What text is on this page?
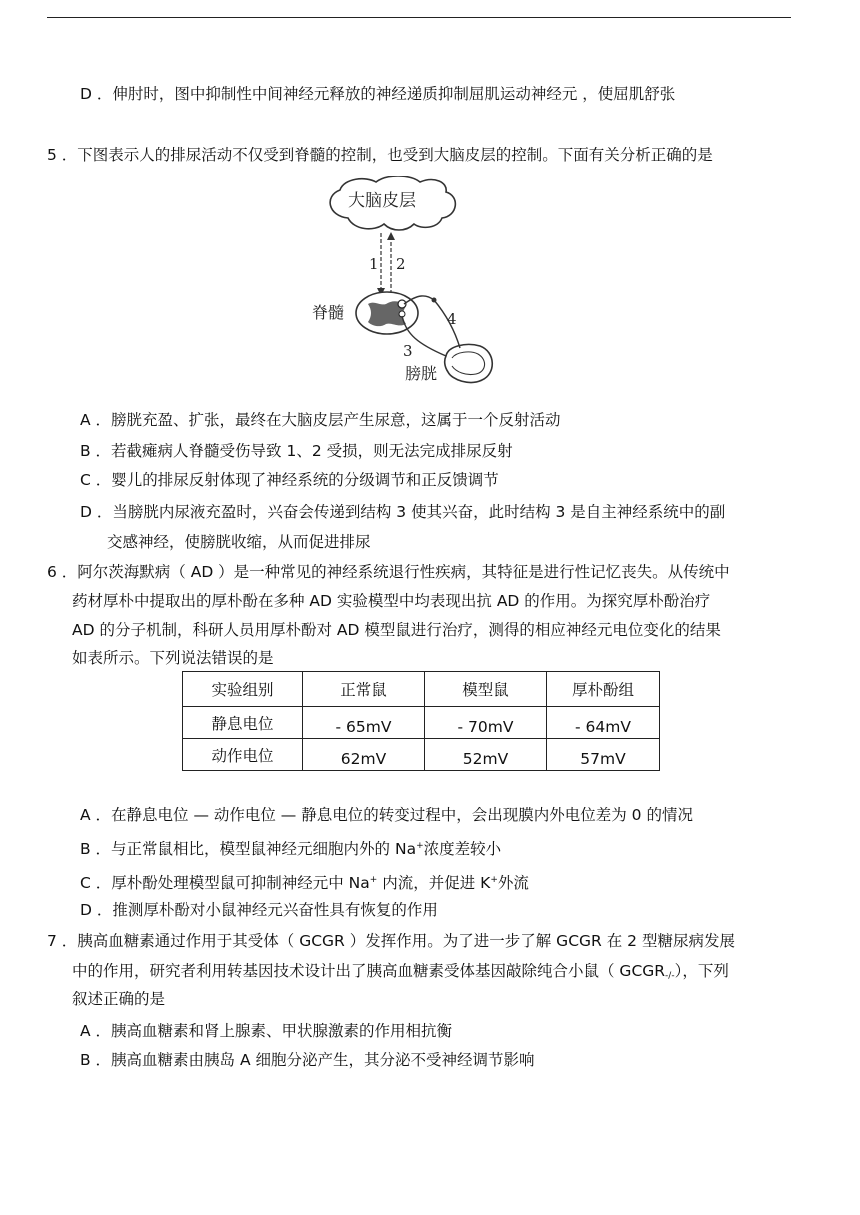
D ．伸肘时，图中抑制性中间神经元释放的神经递质抑制屈肌运动神经元 ，使屈肌舒张
5 ．下图表示人的排尿活动不仅受到脊髓的控制，也受到大脑皮层的控制。下面有关分析正确的是
大脑皮层
1 2
脊髓	4
3
膀胱
A ．膀胱充盈、扩张，最终在大脑皮层产生尿意，这属于一个反射活动
B ．若截瘫病人脊髓受伤导致 1、2 受损，则无法完成排尿反射
C ．婴儿的排尿反射体现了神经系统的分级调节和正反馈调节
D ．当膀胱内尿液充盈时，兴奋会传递到结构 3 使其兴奋，此时结构 3 是自主神经系统中的副
交感神经，使膀胱收缩，从而促进排尿
6 ．阿尔茨海默病（ AD ）是一种常见的神经系统退行性疾病，其特征是进行性记忆丧失。从传统中
药材厚朴中提取出的厚朴酚在多种 AD 实验模型中均表现出抗 AD 的作用。为探究厚朴酚治疗
AD 的分子机制，科研人员用厚朴酚对 AD 模型鼠进行治疗，测得的相应神经元电位变化的结果
如表所示。下列说法错误的是
实验组别	正常鼠	模型鼠	厚朴酚组
静息电位	- 65mV	- 70mV	- 64mV
动作电位	62mV	52mV	57mV
A ．在静息电位 — 动作电位 — 静息电位的转变过程中，会出现膜内外电位差为 0 的情况
B ．与正常鼠相比，模型鼠神经元细胞内外的 Na+浓度差较小
C ．厚朴酚处理模型鼠可抑制神经元中 Na+ 内流，并促进 K+外流
D ．推测厚朴酚对小鼠神经元兴奋性具有恢复的作用
7 ．胰高血糖素通过作用于其受体（ GCGR ）发挥作用。为了进一步了解 GCGR 在 2 型糖尿病发展
中的作用，研究者利用转基因技术设计出了胰高血糖素受体基因敲除纯合小鼠（ $GCGR_{-/-}$），下列
叙述正确的是
A ．胰高血糖素和肾上腺素、甲状腺激素的作用相抗衡
B ．胰高血糖素由胰岛 A 细胞分泌产生，其分泌不受神经调节影响
